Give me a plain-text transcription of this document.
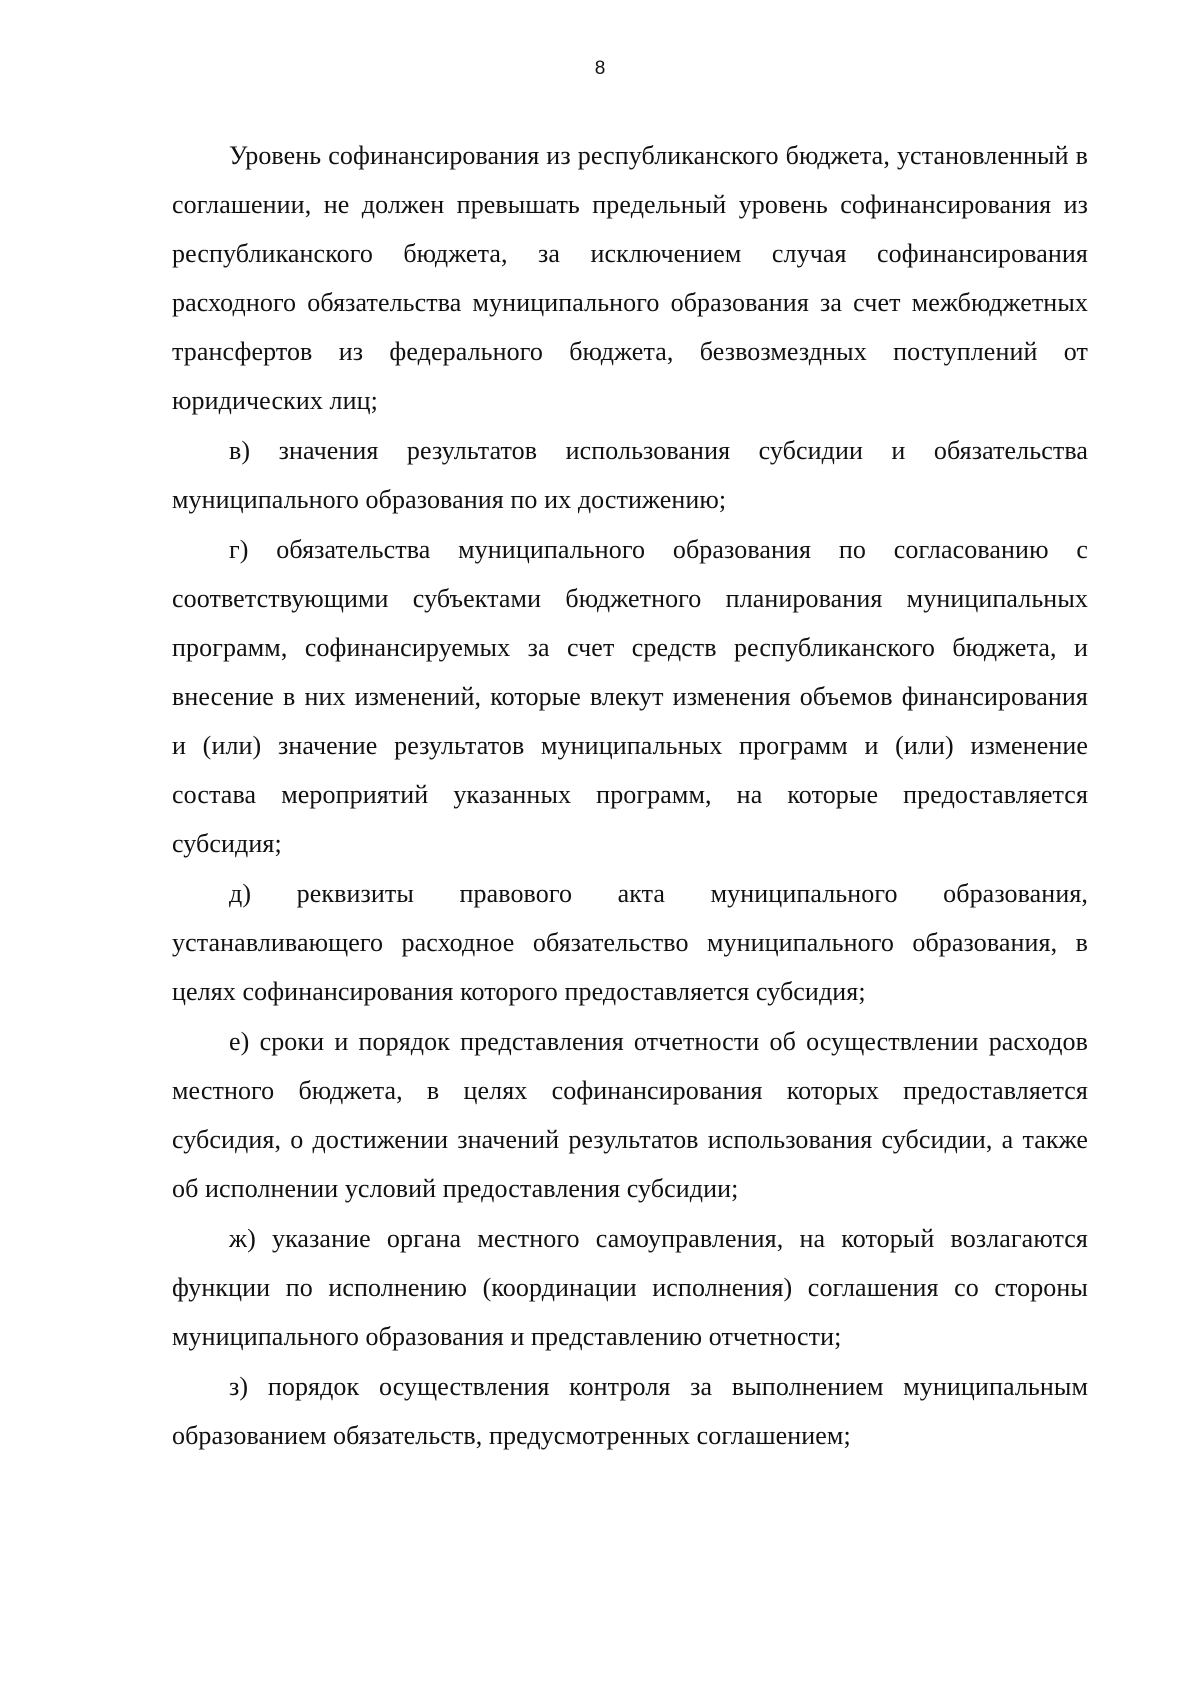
8

Уровень софинансирования из республиканского бюджета, установленный в соглашении, не должен превышать предельный уровень софинансирования из республиканского бюджета, за исключением случая софинансирования расходного обязательства муниципального образования за счет межбюджетных трансфертов из федерального бюджета, безвозмездных поступлений от юридических лиц;

в) значения результатов использования субсидии и обязательства муниципального образования по их достижению;

г) обязательства муниципального образования по согласованию с соответствующими субъектами бюджетного планирования муниципальных программ, софинансируемых за счет средств республиканского бюджета, и внесение в них изменений, которые влекут изменения объемов финансирования и (или) значение результатов муниципальных программ и (или) изменение состава мероприятий указанных программ, на которые предоставляется субсидия;

д) реквизиты правового акта муниципального образования, устанавливающего расходное обязательство муниципального образования, в целях софинансирования которого предоставляется субсидия;

е) сроки и порядок представления отчетности об осуществлении расходов местного бюджета, в целях софинансирования которых предоставляется субсидия, о достижении значений результатов использования субсидии, а также об исполнении условий предоставления субсидии;

ж) указание органа местного самоуправления, на который возлагаются функции по исполнению (координации исполнения) соглашения со стороны муниципального образования и представлению отчетности;

з) порядок осуществления контроля за выполнением муниципальным образованием обязательств, предусмотренных соглашением;
